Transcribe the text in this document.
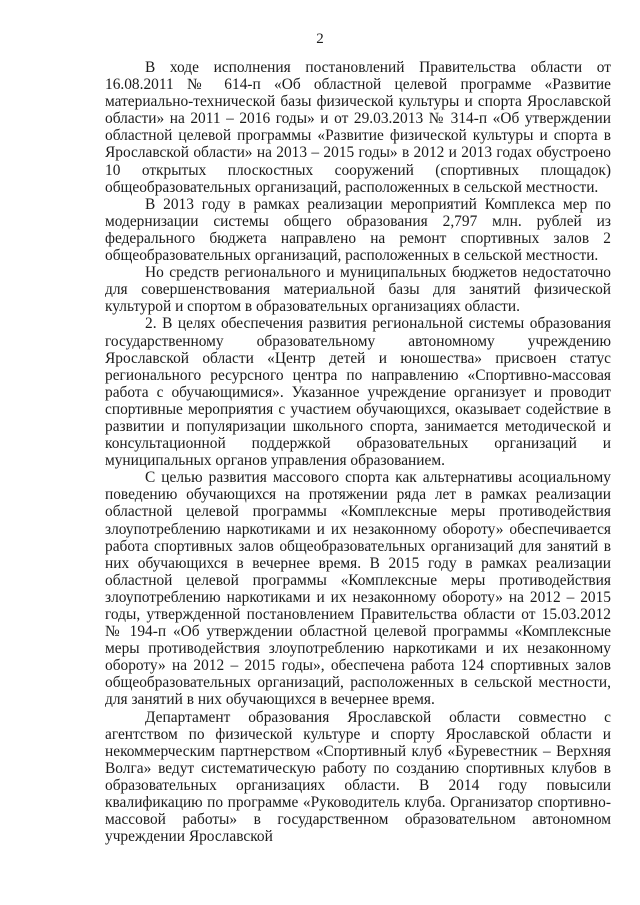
2

В ходе исполнения постановлений Правительства области от 16.08.2011 № 614-п «Об областной целевой программе «Развитие материально-технической базы физической культуры и спорта Ярославской области» на 2011 – 2016 годы» и от 29.03.2013 № 314-п «Об утверждении областной целевой программы «Развитие физической культуры и спорта в Ярославской области» на 2013 – 2015 годы» в 2012 и 2013 годах обустроено 10 открытых плоскостных сооружений (спортивных площадок) общеобразовательных организаций, расположенных в сельской местности.

В 2013 году в рамках реализации мероприятий Комплекса мер по модернизации системы общего образования 2,797 млн. рублей из федерального бюджета направлено на ремонт спортивных залов 2 общеобразовательных организаций, расположенных в сельской местности.

Но средств регионального и муниципальных бюджетов недостаточно для совершенствования материальной базы для занятий физической культурой и спортом в образовательных организациях области.

2. В целях обеспечения развития региональной системы образования государственному образовательному автономному учреждению Ярославской области «Центр детей и юношества» присвоен статус регионального ресурсного центра по направлению «Спортивно-массовая работа с обучающимися». Указанное учреждение организует и проводит спортивные мероприятия с участием обучающихся, оказывает содействие в развитии и популяризации школьного спорта, занимается методической и консультационной поддержкой образовательных организаций и муниципальных органов управления образованием.

С целью развития массового спорта как альтернативы асоциальному поведению обучающихся на протяжении ряда лет в рамках реализации областной целевой программы «Комплексные меры противодействия злоупотреблению наркотиками и их незаконному обороту» обеспечивается работа спортивных залов общеобразовательных организаций для занятий в них обучающихся в вечернее время. В 2015 году в рамках реализации областной целевой программы «Комплексные меры противодействия злоупотреблению наркотиками и их незаконному обороту» на 2012 – 2015 годы, утвержденной постановлением Правительства области от 15.03.2012 № 194-п «Об утверждении областной целевой программы «Комплексные меры противодействия злоупотреблению наркотиками и их незаконному обороту» на 2012 – 2015 годы», обеспечена работа 124 спортивных залов общеобразовательных организаций, расположенных в сельской местности, для занятий в них обучающихся в вечернее время.

Департамент образования Ярославской области совместно с агентством по физической культуре и спорту Ярославской области и некоммерческим партнерством «Спортивный клуб «Буревестник – Верхняя Волга» ведут систематическую работу по созданию спортивных клубов в образовательных организациях области. В 2014 году повысили квалификацию по программе «Руководитель клуба. Организатор спортивно-массовой работы» в государственном образовательном автономном учреждении Ярославской
